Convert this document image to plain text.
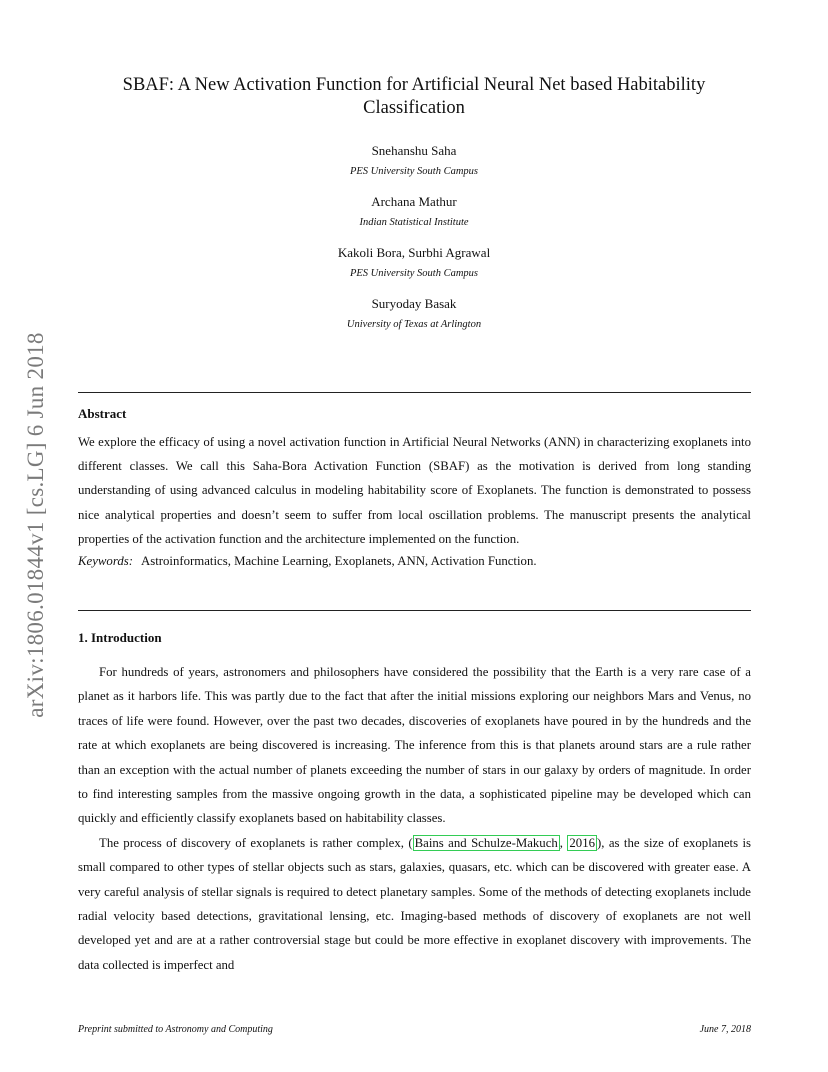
arXiv:1806.01844v1 [cs.LG] 6 Jun 2018
SBAF: A New Activation Function for Artificial Neural Net based Habitability Classification
Snehanshu Saha
PES University South Campus
Archana Mathur
Indian Statistical Institute
Kakoli Bora, Surbhi Agrawal
PES University South Campus
Suryoday Basak
University of Texas at Arlington
Abstract

We explore the efficacy of using a novel activation function in Artificial Neural Networks (ANN) in characterizing exoplanets into different classes. We call this Saha-Bora Activation Function (SBAF) as the motivation is derived from long standing understanding of using advanced calculus in modeling habitability score of Exoplanets. The function is demonstrated to possess nice analytical properties and doesn’t seem to suffer from local oscillation problems. The manuscript presents the analytical properties of the activation function and the architecture implemented on the function.

Keywords: Astroinformatics, Machine Learning, Exoplanets, ANN, Activation Function.
1. Introduction

For hundreds of years, astronomers and philosophers have considered the possibility that the Earth is a very rare case of a planet as it harbors life. This was partly due to the fact that after the initial missions exploring our neighbors Mars and Venus, no traces of life were found. However, over the past two decades, discoveries of exoplanets have poured in by the hundreds and the rate at which exoplanets are being discovered is increasing. The inference from this is that planets around stars are a rule rather than an exception with the actual number of planets exceeding the number of stars in our galaxy by orders of magnitude. In order to find interesting samples from the massive ongoing growth in the data, a sophisticated pipeline may be developed which can quickly and efficiently classify exoplanets based on habitability classes.

The process of discovery of exoplanets is rather complex, ( Bains and Schulze-Makuch , 2016 ), as the size of exoplanets is small compared to other types of stellar objects such as stars, galaxies, quasars, etc. which can be discovered with greater ease. A very careful analysis of stellar signals is required to detect planetary samples. Some of the methods of detecting exoplanets include radial velocity based detections, gravitational lensing, etc. Imaging-based methods of discovery of exoplanets are not well developed yet and are at a rather controversial stage but could be more effective in exoplanet discovery with improvements. The data collected is imperfect and

Preprint submitted to Astronomy and Computing	June 7, 2018
